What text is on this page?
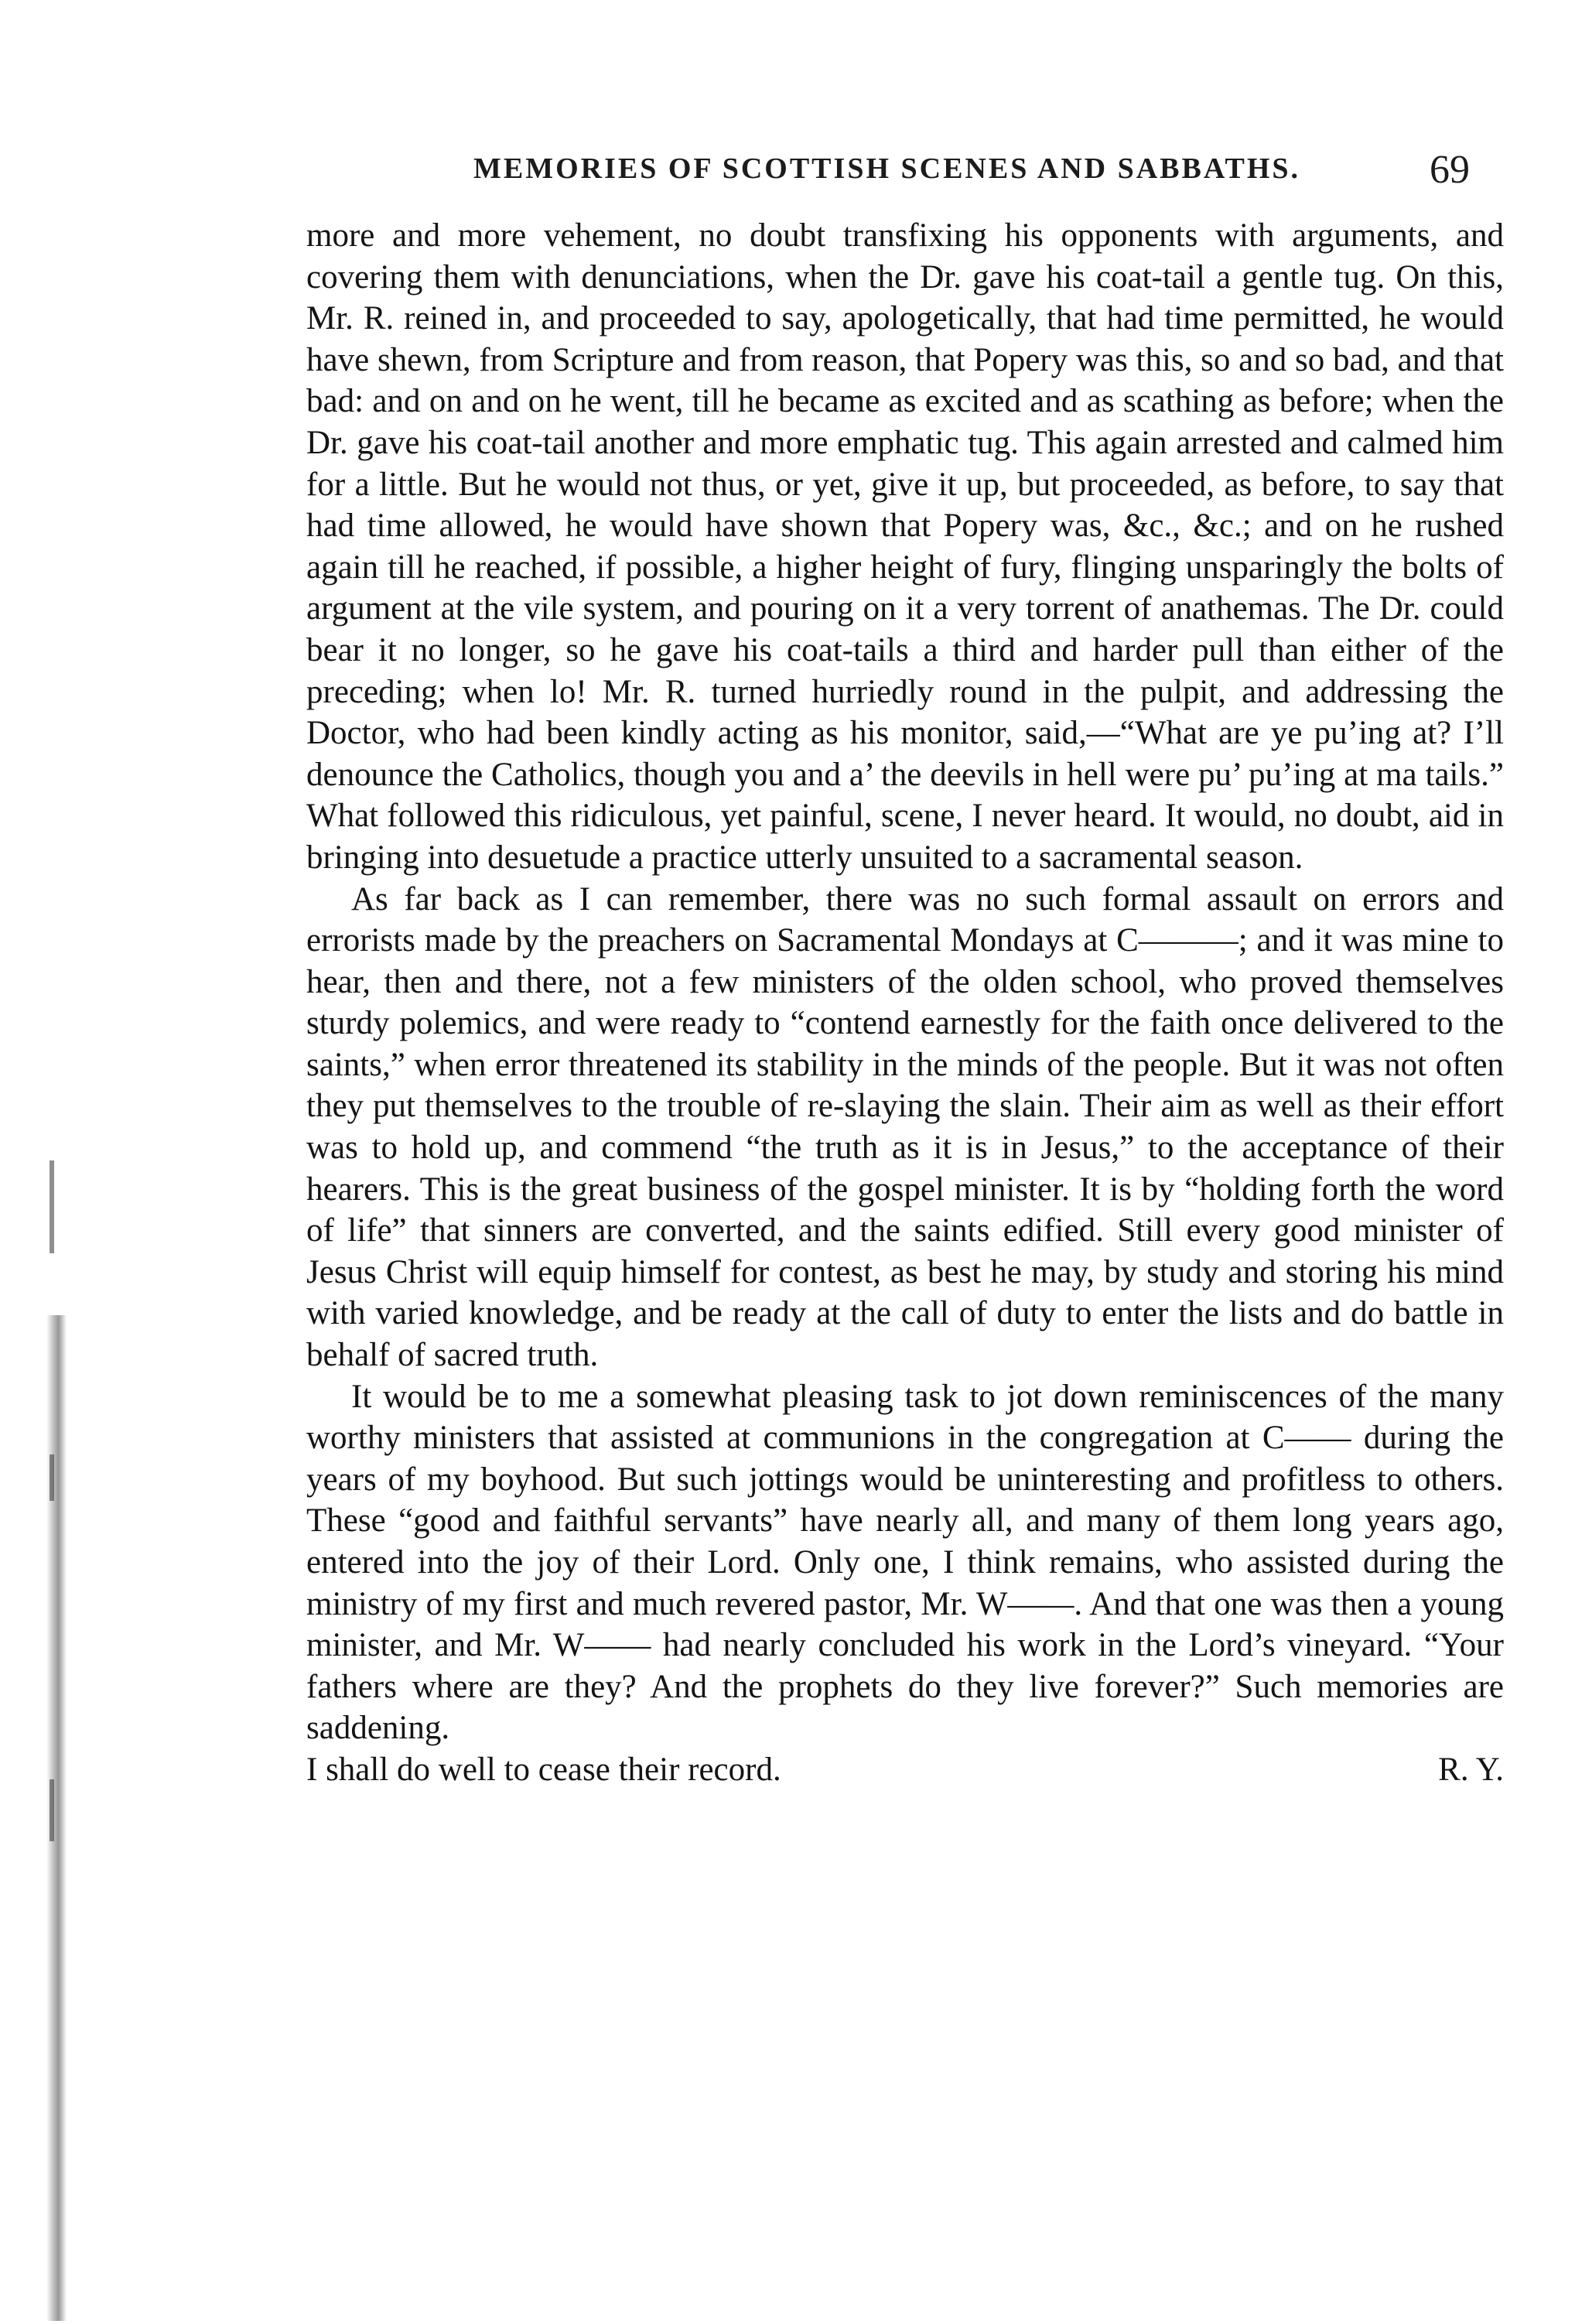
MEMORIES OF SCOTTISH SCENES AND SABBATHS.	69

more and more vehement, no doubt transfixing his opponents with arguments, and covering them with denunciations, when the Dr. gave his coat-tail a gentle tug. On this, Mr. R. reined in, and proceeded to say, apologetically, that had time permitted, he would have shewn, from Scripture and from reason, that Popery was this, so and so bad, and that bad: and on and on he went, till he became as excited and as scathing as before; when the Dr. gave his coat-tail another and more emphatic tug. This again arrested and calmed him for a little. But he would not thus, or yet, give it up, but proceeded, as before, to say that had time allowed, he would have shown that Popery was, &c., &c.; and on he rushed again till he reached, if possible, a higher height of fury, flinging unsparingly the bolts of argument at the vile system, and pouring on it a very torrent of anathemas. The Dr. could bear it no longer, so he gave his coat-tails a third and harder pull than either of the preceding; when lo! Mr. R. turned hurriedly round in the pulpit, and addressing the Doctor, who had been kindly acting as his monitor, said,—“What are ye pu’ing at? I’ll denounce the Catholics, though you and a’ the deevils in hell were pu’ pu’ing at ma tails.” What followed this ridiculous, yet painful, scene, I never heard. It would, no doubt, aid in bringing into desuetude a practice utterly unsuited to a sacramental season.

As far back as I can remember, there was no such formal assault on errors and errorists made by the preachers on Sacramental Mondays at C———; and it was mine to hear, then and there, not a few ministers of the olden school, who proved themselves sturdy polemics, and were ready to “contend earnestly for the faith once delivered to the saints,” when error threatened its stability in the minds of the people. But it was not often they put themselves to the trouble of re-slaying the slain. Their aim as well as their effort was to hold up, and commend “the truth as it is in Jesus,” to the acceptance of their hearers. This is the great business of the gospel minister. It is by “holding forth the word of life” that sinners are converted, and the saints edified. Still every good minister of Jesus Christ will equip himself for contest, as best he may, by study and storing his mind with varied knowledge, and be ready at the call of duty to enter the lists and do battle in behalf of sacred truth.

It would be to me a somewhat pleasing task to jot down reminiscences of the many worthy ministers that assisted at communions in the congregation at C—— during the years of my boyhood. But such jottings would be uninteresting and profitless to others. These “good and faithful servants” have nearly all, and many of them long years ago, entered into the joy of their Lord. Only one, I think remains, who assisted during the ministry of my first and much revered pastor, Mr. W——. And that one was then a young minister, and Mr. W—— had nearly concluded his work in the Lord’s vineyard. “Your fathers where are they? And the prophets do they live forever?” Such memories are saddening.

I shall do well to cease their record.	R. Y.
